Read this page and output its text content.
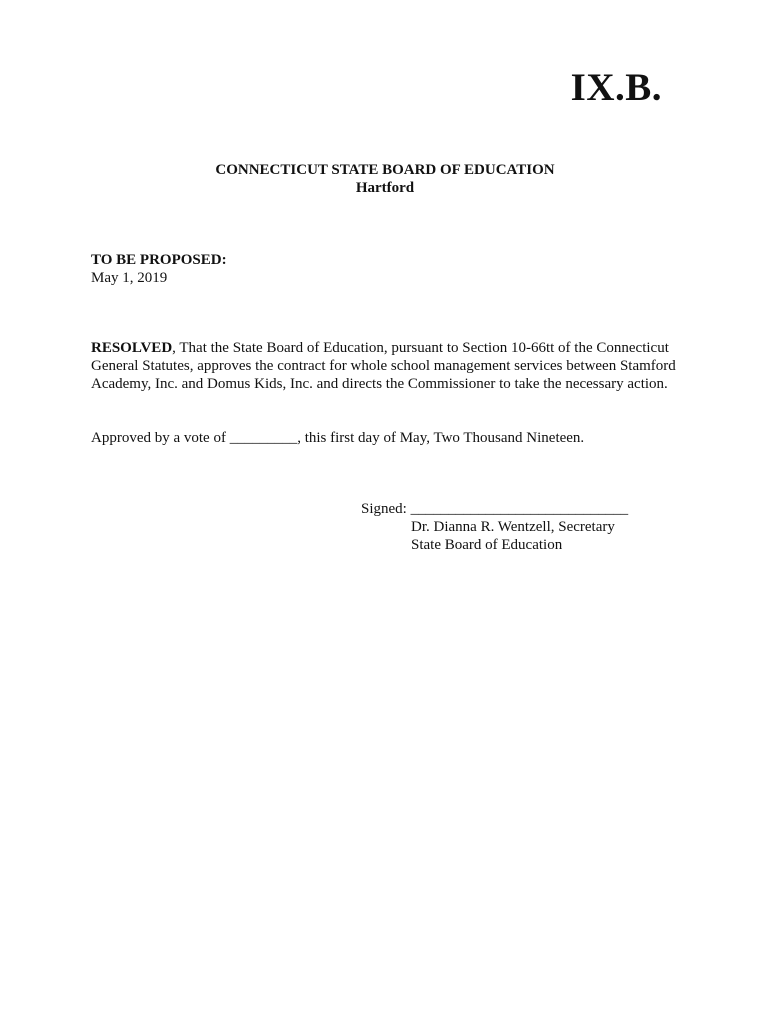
IX.B.
CONNECTICUT STATE BOARD OF EDUCATION
Hartford
TO BE PROPOSED:
May 1, 2019
RESOLVED, That the State Board of Education, pursuant to Section 10-66tt of the Connecticut
General Statutes, approves the contract for whole school management services between Stamford
Academy, Inc. and Domus Kids, Inc. and directs the Commissioner to take the necessary action.
Approved by a vote of _________, this first day of May, Two Thousand Nineteen.
Signed: _____________________________
Dr. Dianna R. Wentzell, Secretary
State Board of Education
